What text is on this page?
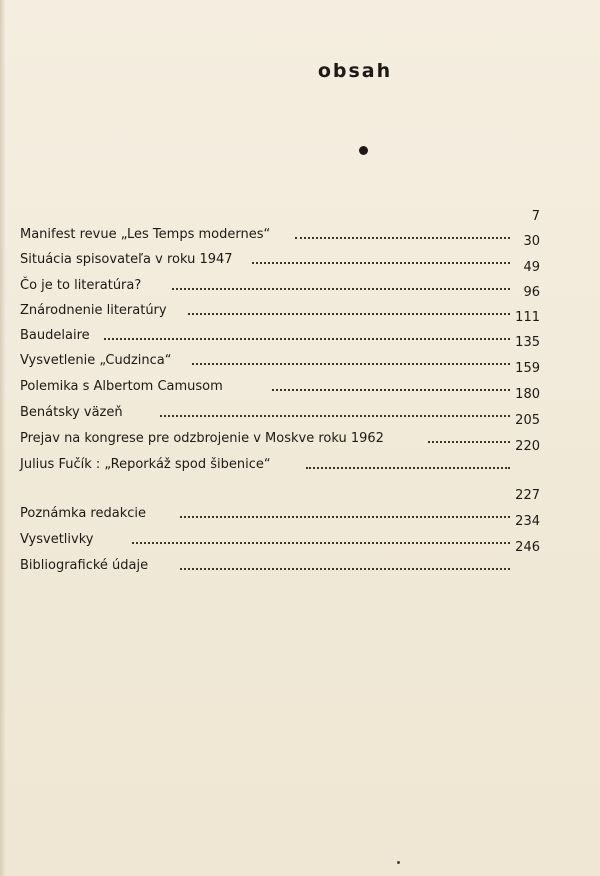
obsah
Manifest revue „Les Temps modernes“
7
Situácia spisovateľa v roku 1947
30
Čo je to literatúra?
49
Znárodnenie literatúry
96
Baudelaire
111
Vysvetlenie „Cudzinca“
135
Polemika s Albertom Camusom
159
Benátsky väzeň
180
Prejav na kongrese pre odzbrojenie v Moskve roku 1962
205
Julius Fučík : „Reporkáž spod šibenice“
220
Poznámka redakcie
227
Vysvetlivky
234
Bibliografické údaje
246
